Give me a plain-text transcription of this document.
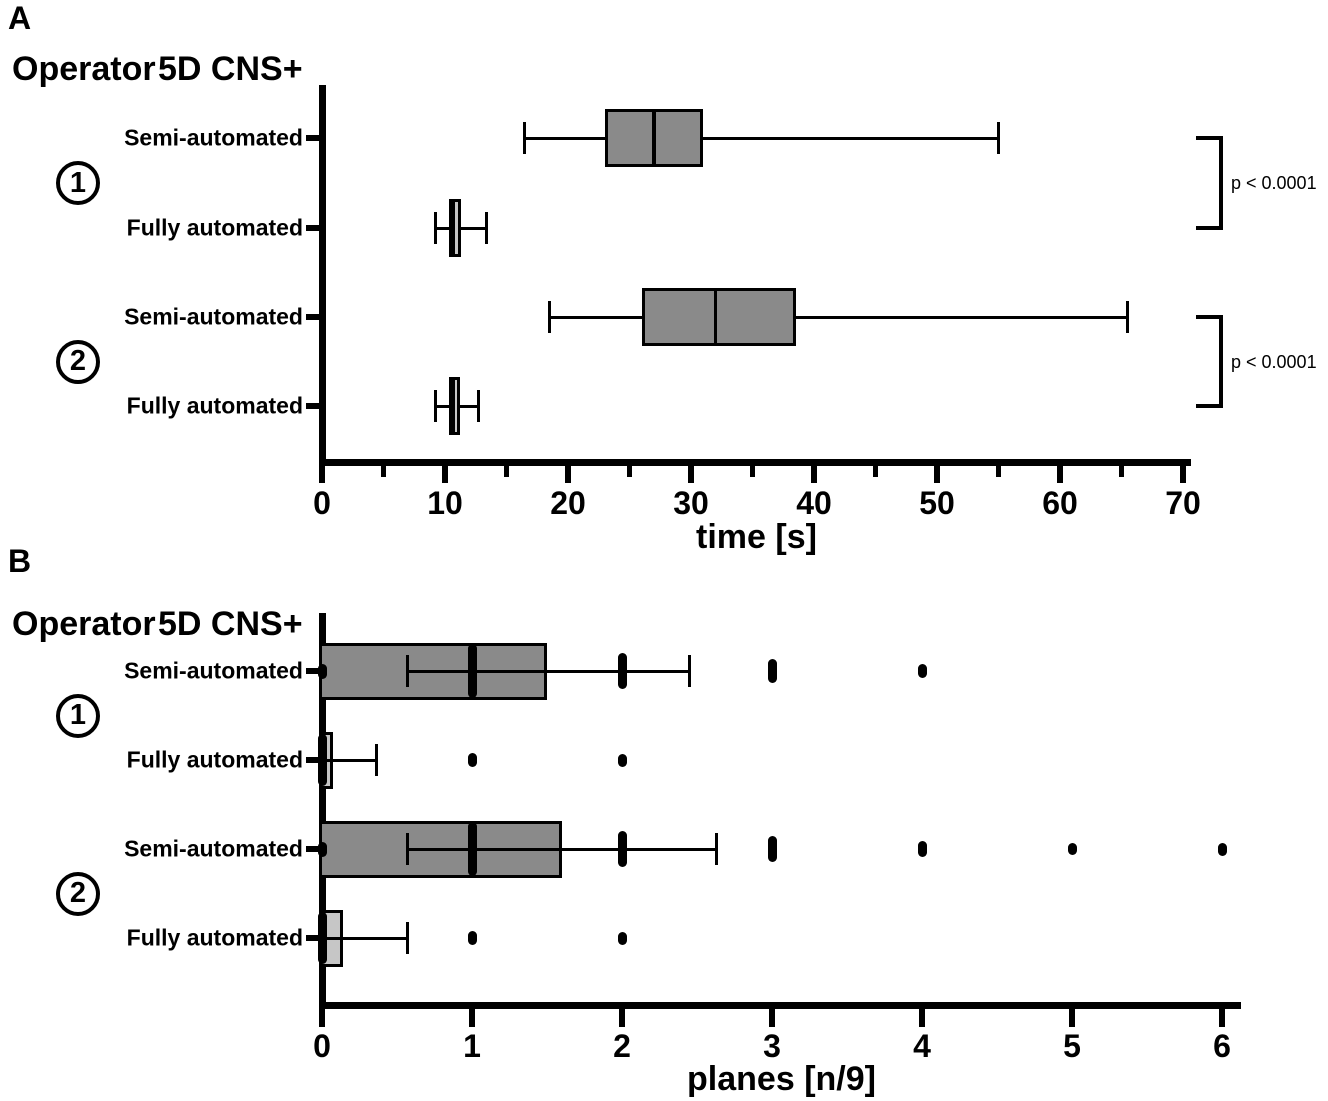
A
Operator 5D CNS+
B
Operator 5D CNS+
0	10	20	30	40	50	60	70
time [s]
Semi-automated
Fully automated
Semi-automated
Fully automated
1
2
p < 0.0001
p < 0.0001
0	1	2	3	4	5	6
planes [n/9]
Semi-automated
Fully automated
Semi-automated
Fully automated
1
2
